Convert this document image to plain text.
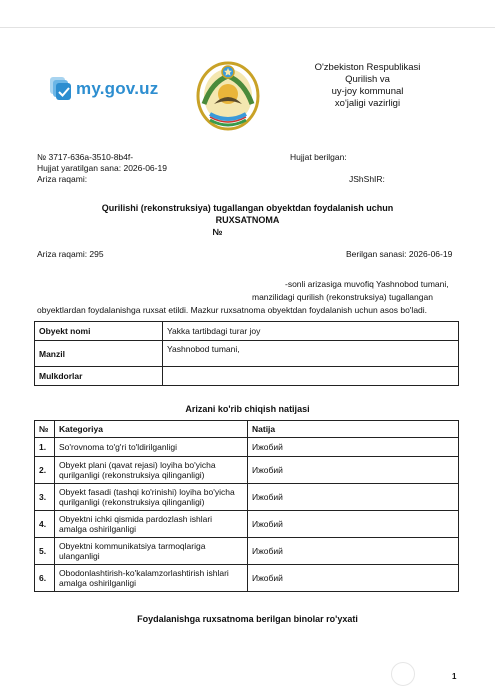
my.gov.uz
O'zbekiston Respublikasi
Qurilish va
uy-joy kommunal
xo'jaligi vazirligi
№ 3717-636a-3510-8b4f-
Hujjat yaratilgan sana: 2026-06-19
Ariza raqami:
Hujjat berilgan:
JShShIR:
Qurilishi (rekonstruksiya) tugallangan obyektdan foydalanish uchun
RUXSATNOMA
№
Ariza raqami: 295	Berilgan sanasi: 2026-06-19
-sonli arizasiga muvofiq Yashnobod tumani,
manzilidagi qurilish (rekonstruksiya) tugallangan
obyektlardan foydalanishga ruxsat etildi. Mazkur ruxsatnoma obyektdan foydalanish uchun asos bo'ladi.
Obyekt nomi	Yakka tartibdagi turar joy
Manzil	Yashnobod tumani,
Mulkdorlar	
Arizani ko'rib chiqish natijasi
№	Kategoriya	Natija
1.	So'rovnoma to'g'ri to'ldirilganligi	Ижобий
2.	Obyekt plani (qavat rejasi) loyiha bo'yicha
qurilganligi (rekonstruksiya qilinganligi)	Ижобий
3.	Obyekt fasadi (tashqi ko'rinishi) loyiha bo'yicha
qurilganligi (rekonstruksiya qilinganligi)	Ижобий
4.	Obyektni ichki qismida pardozlash ishlari
amalga oshirilganligi	Ижобий
5.	Obyektni kommunikatsiya tarmoqlariga
ulanganligi	Ижобий
6.	Obodonlashtirish-ko'kalamzorlashtirish ishlari
amalga oshirilganligi	Ижобий
Foydalanishga ruxsatnoma berilgan binolar ro'yxati
1
